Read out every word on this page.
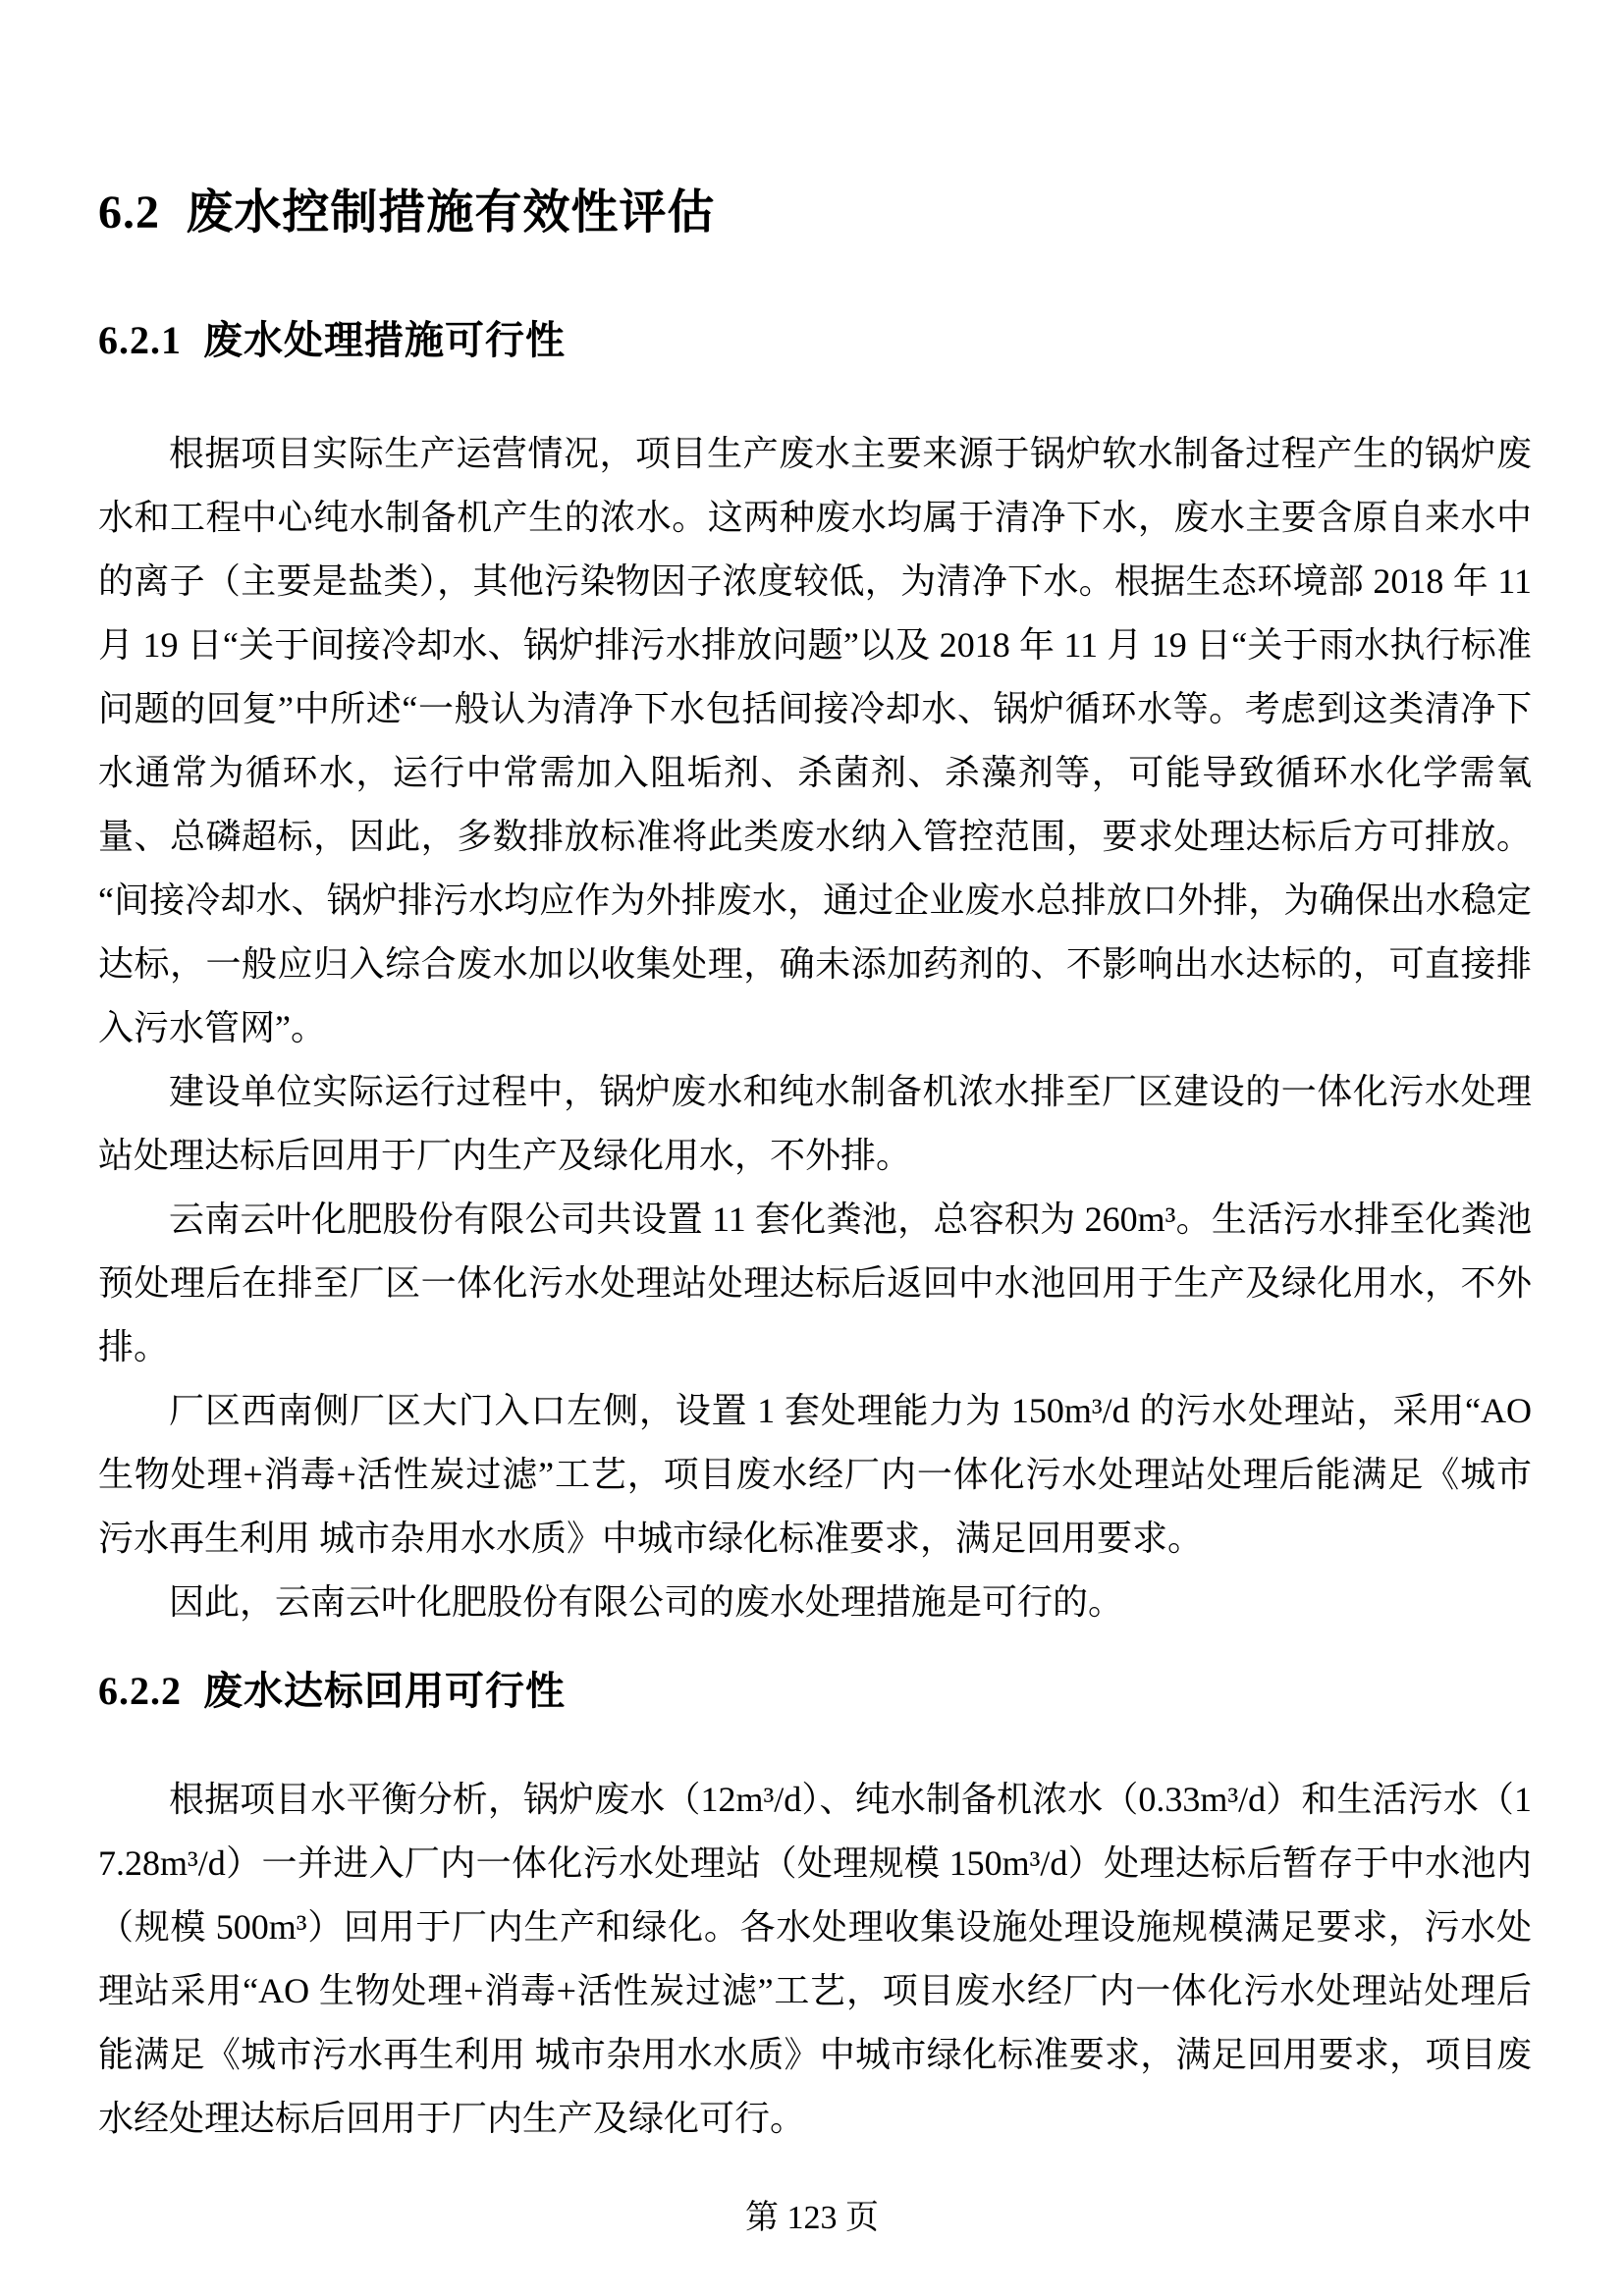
6.2 废水控制措施有效性评估
6.2.1 废水处理措施可行性

根据项目实际生产运营情况，项目生产废水主要来源于锅炉软水制备过程产生的锅炉废水和工程中心纯水制备机产生的浓水。这两种废水均属于清净下水，废水主要含原自来水中的离子（主要是盐类），其他污染物因子浓度较低，为清净下水。根据生态环境部 2018 年 11 月 19 日“关于间接冷却水、锅炉排污水排放问题”以及 2018 年 11 月 19 日“关于雨水执行标准问题的回复”中所述“一般认为清净下水包括间接冷却水、锅炉循环水等。考虑到这类清净下水通常为循环水，运行中常需加入阻垢剂、杀菌剂、杀藻剂等，可能导致循环水化学需氧量、总磷超标，因此，多数排放标准将此类废水纳入管控范围，要求处理达标后方可排放。“间接冷却水、锅炉排污水均应作为外排废水，通过企业废水总排放口外排，为确保出水稳定达标，一般应归入综合废水加以收集处理，确未添加药剂的、不影响出水达标的，可直接排入污水管网”。

建设单位实际运行过程中，锅炉废水和纯水制备机浓水排至厂区建设的一体化污水处理站处理达标后回用于厂内生产及绿化用水，不外排。

云南云叶化肥股份有限公司共设置 11 套化粪池，总容积为 260m³。生活污水排至化粪池预处理后在排至厂区一体化污水处理站处理达标后返回中水池回用于生产及绿化用水，不外排。

厂区西南侧厂区大门入口左侧，设置 1 套处理能力为 150m³/d 的污水处理站，采用“AO 生物处理+消毒+活性炭过滤”工艺，项目废水经厂内一体化污水处理站处理后能满足《城市污水再生利用 城市杂用水水质》中城市绿化标准要求，满足回用要求。

因此，云南云叶化肥股份有限公司的废水处理措施是可行的。

6.2.2 废水达标回用可行性

根据项目水平衡分析，锅炉废水（12m³/d）、纯水制备机浓水（0.33m³/d）和生活污水（17.28m³/d）一并进入厂内一体化污水处理站（处理规模 150m³/d）处理达标后暂存于中水池内（规模 500m³）回用于厂内生产和绿化。各水处理收集设施处理设施规模满足要求，污水处理站采用“AO 生物处理+消毒+活性炭过滤”工艺，项目废水经厂内一体化污水处理站处理后能满足《城市污水再生利用 城市杂用水水质》中城市绿化标准要求，满足回用要求，项目废水经处理达标后回用于厂内生产及绿化可行。

第 123 页
